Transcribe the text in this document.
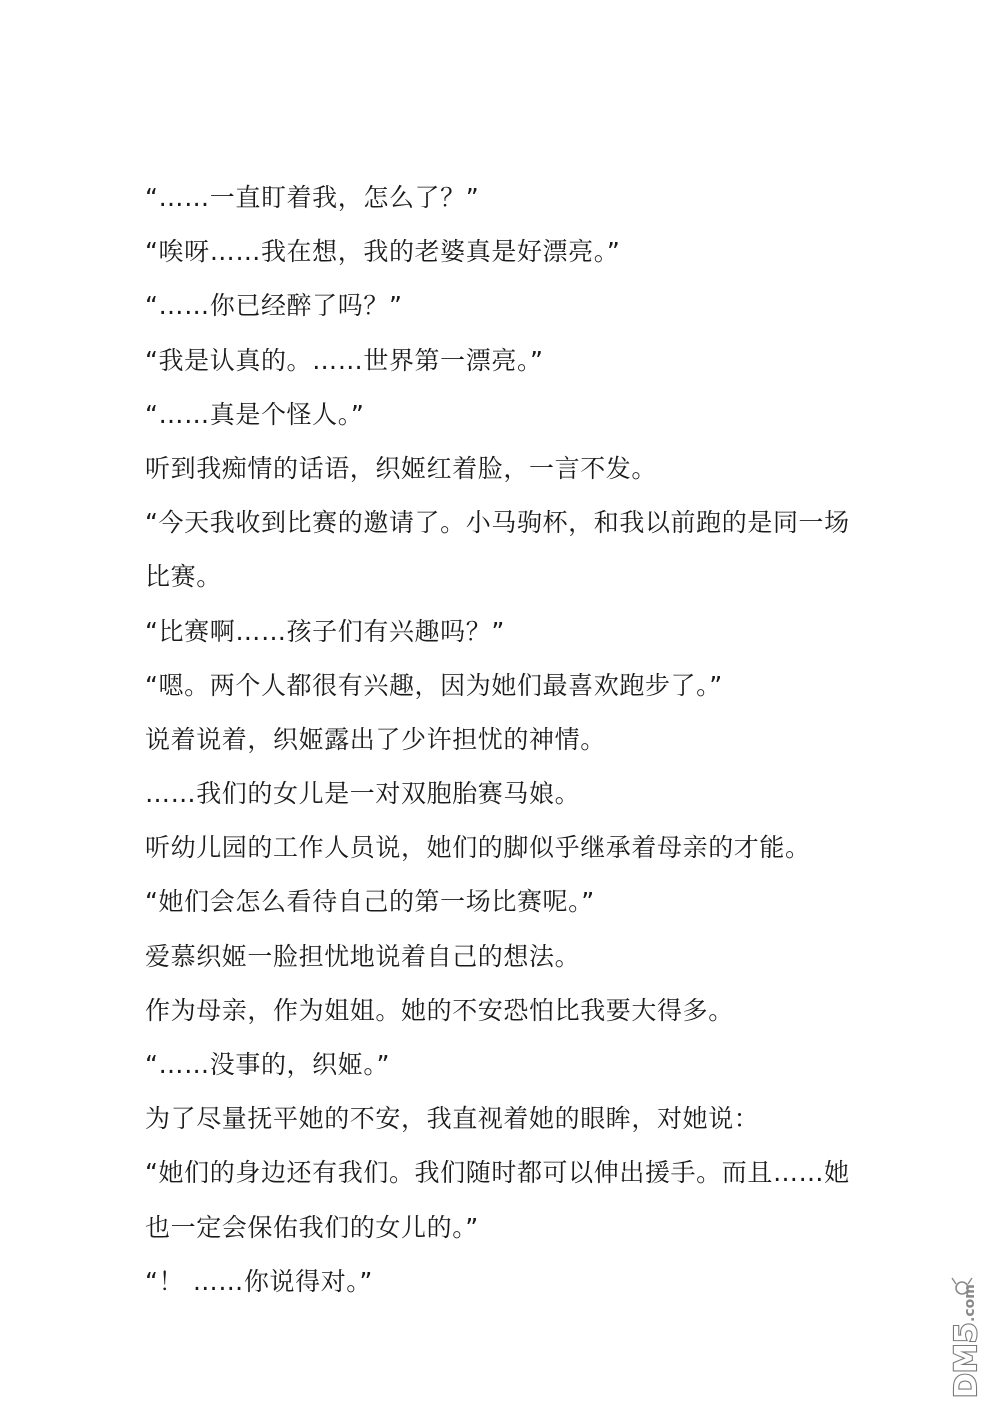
“……一直盯着我，怎么了？”
“唉呀……我在想，我的老婆真是好漂亮。”
“……你已经醉了吗？”
“我是认真的。……世界第一漂亮。”
“……真是个怪人。”
听到我痴情的话语，织姬红着脸，一言不发。
“今天我收到比赛的邀请了。小马驹杯，和我以前跑的是同一场
比赛。
“比赛啊……孩子们有兴趣吗？”
“嗯。两个人都很有兴趣，因为她们最喜欢跑步了。”
说着说着，织姬露出了少许担忧的神情。
……我们的女儿是一对双胞胎赛马娘。
听幼儿园的工作人员说，她们的脚似乎继承着母亲的才能。
“她们会怎么看待自己的第一场比赛呢。”
爱慕织姬一脸担忧地说着自己的想法。
作为母亲，作为姐姐。她的不安恐怕比我要大得多。
“……没事的，织姬。”
为了尽量抚平她的不安，我直视着她的眼眸，对她说：
“她们的身边还有我们。我们随时都可以伸出援手。而且……她
也一定会保佑我们的女儿的。”
“！ ……你说得对。”
DM5
.com
